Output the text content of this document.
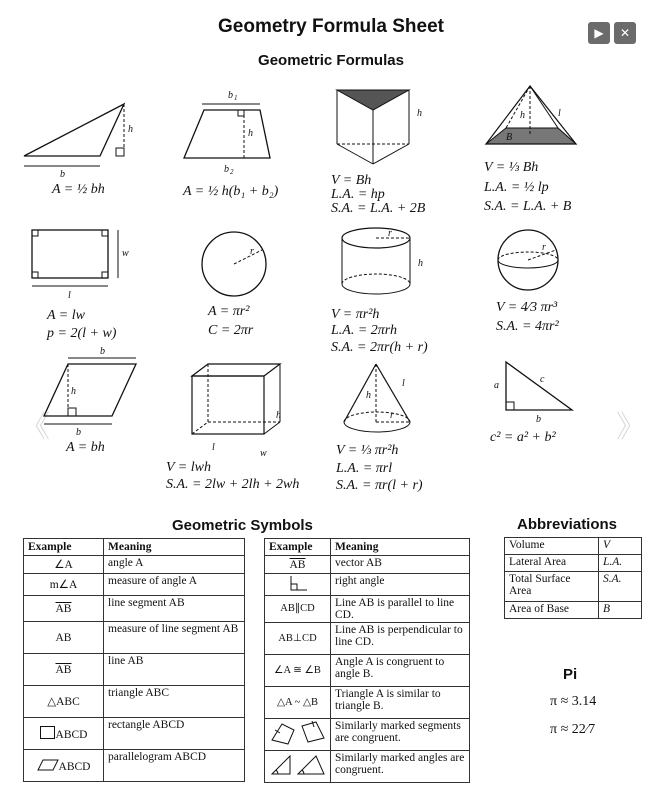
Geometry Formula Sheet
Geometric Formulas
▶	✕
《	》
h
b
A = ½ bh
b 1
h
b 2
A = ½ h(b₁ + b₂)
h
V = Bh
L.A. = hp
S.A. = L.A. + 2B
h	l
B
V = ⅓ Bh
L.A. = ½ lp
S.A. = L.A. + B
w
l
A = lw
p = 2(l + w)
r
A = πr²
C = 2πr
r
h
V = πr²h
L.A. = 2πrh
S.A. = 2πr(h + r)
r
V = 4⁄3 πr³
S.A. = 4πr²
b
h
b
A = bh
h
l
w
V = lwh
S.A. = 2lw + 2lh + 2wh
h
l
r
V = ⅓ πr²h
L.A. = πrl
S.A. = πr(l + r)
a
c
b
c² = a² + b²
Geometric Symbols
Example	Meaning
∠A	angle A
m∠A	measure of angle A
$\overline{AB}$	line segment AB
AB	measure of line segment AB
$\overline{AB}$	line AB
△ABC	triangle ABC
ABCD	rectangle ABCD
ABCD	parallelogram ABCD
Example	Meaning
$\overline{AB}$	vector AB
	right angle
AB∥CD	Line AB is parallel to line CD.
AB⊥CD	Line AB is perpendicular to line CD.
∠A ≅ ∠B	Angle A is congruent to angle B.
△A ~ △B	Triangle A is similar to triangle B.
	Similarly marked segments are congruent.
	Similarly marked angles are congruent.
Abbreviations
Volume	V
Lateral Area	L.A.
Total Surface Area	S.A.
Area of Base	B
Pi
π ≈ 3.14
π ≈ 22⁄7
